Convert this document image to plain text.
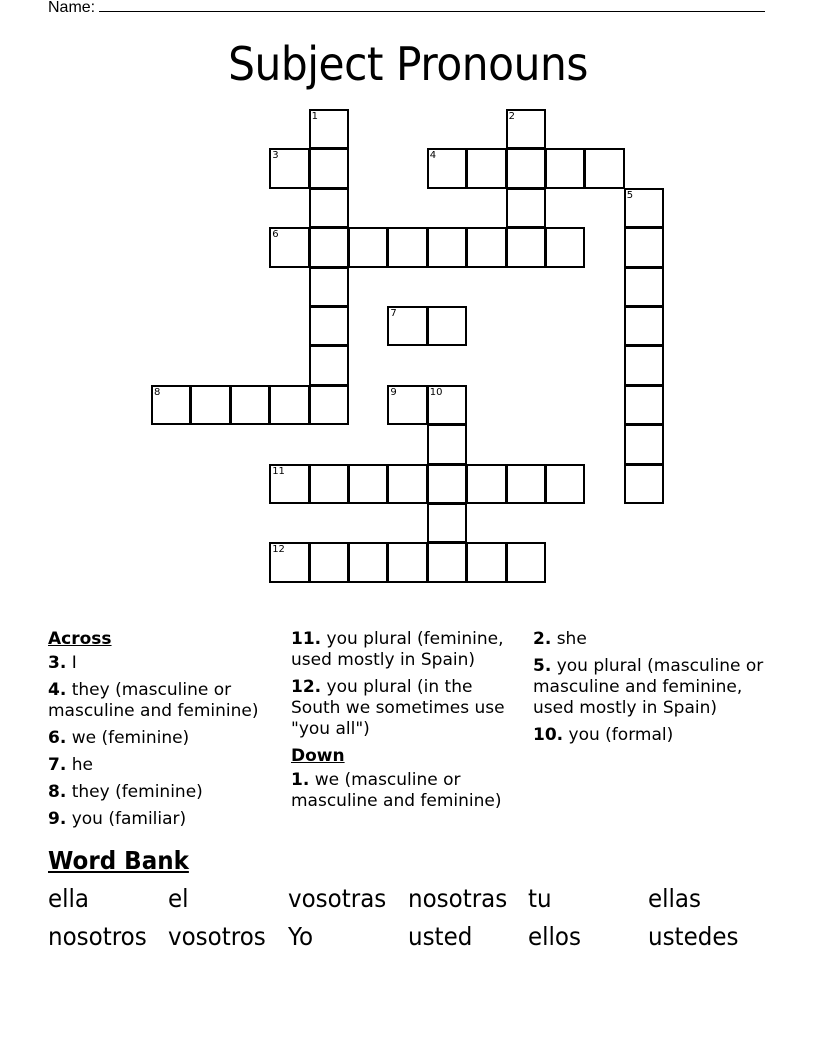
Name:
Subject Pronouns
1	2
3	4
5
6
7
8	9	10
11
12
Across
3. I
4. they (masculine or masculine and feminine)
6. we (feminine)
7. he
8. they (feminine)
9. you (familiar)
11. you plural (feminine, used mostly in Spain)
12. you plural (in the South we sometimes use "you all")
Down
1. we (masculine or masculine and feminine)
2. she
5. you plural (masculine or masculine and feminine, used mostly in Spain)
10. you (formal)
Word Bank
ella	el	vosotras nosotras tu	ellas
nosotros vosotros Yo	usted	ellos	ustedes
